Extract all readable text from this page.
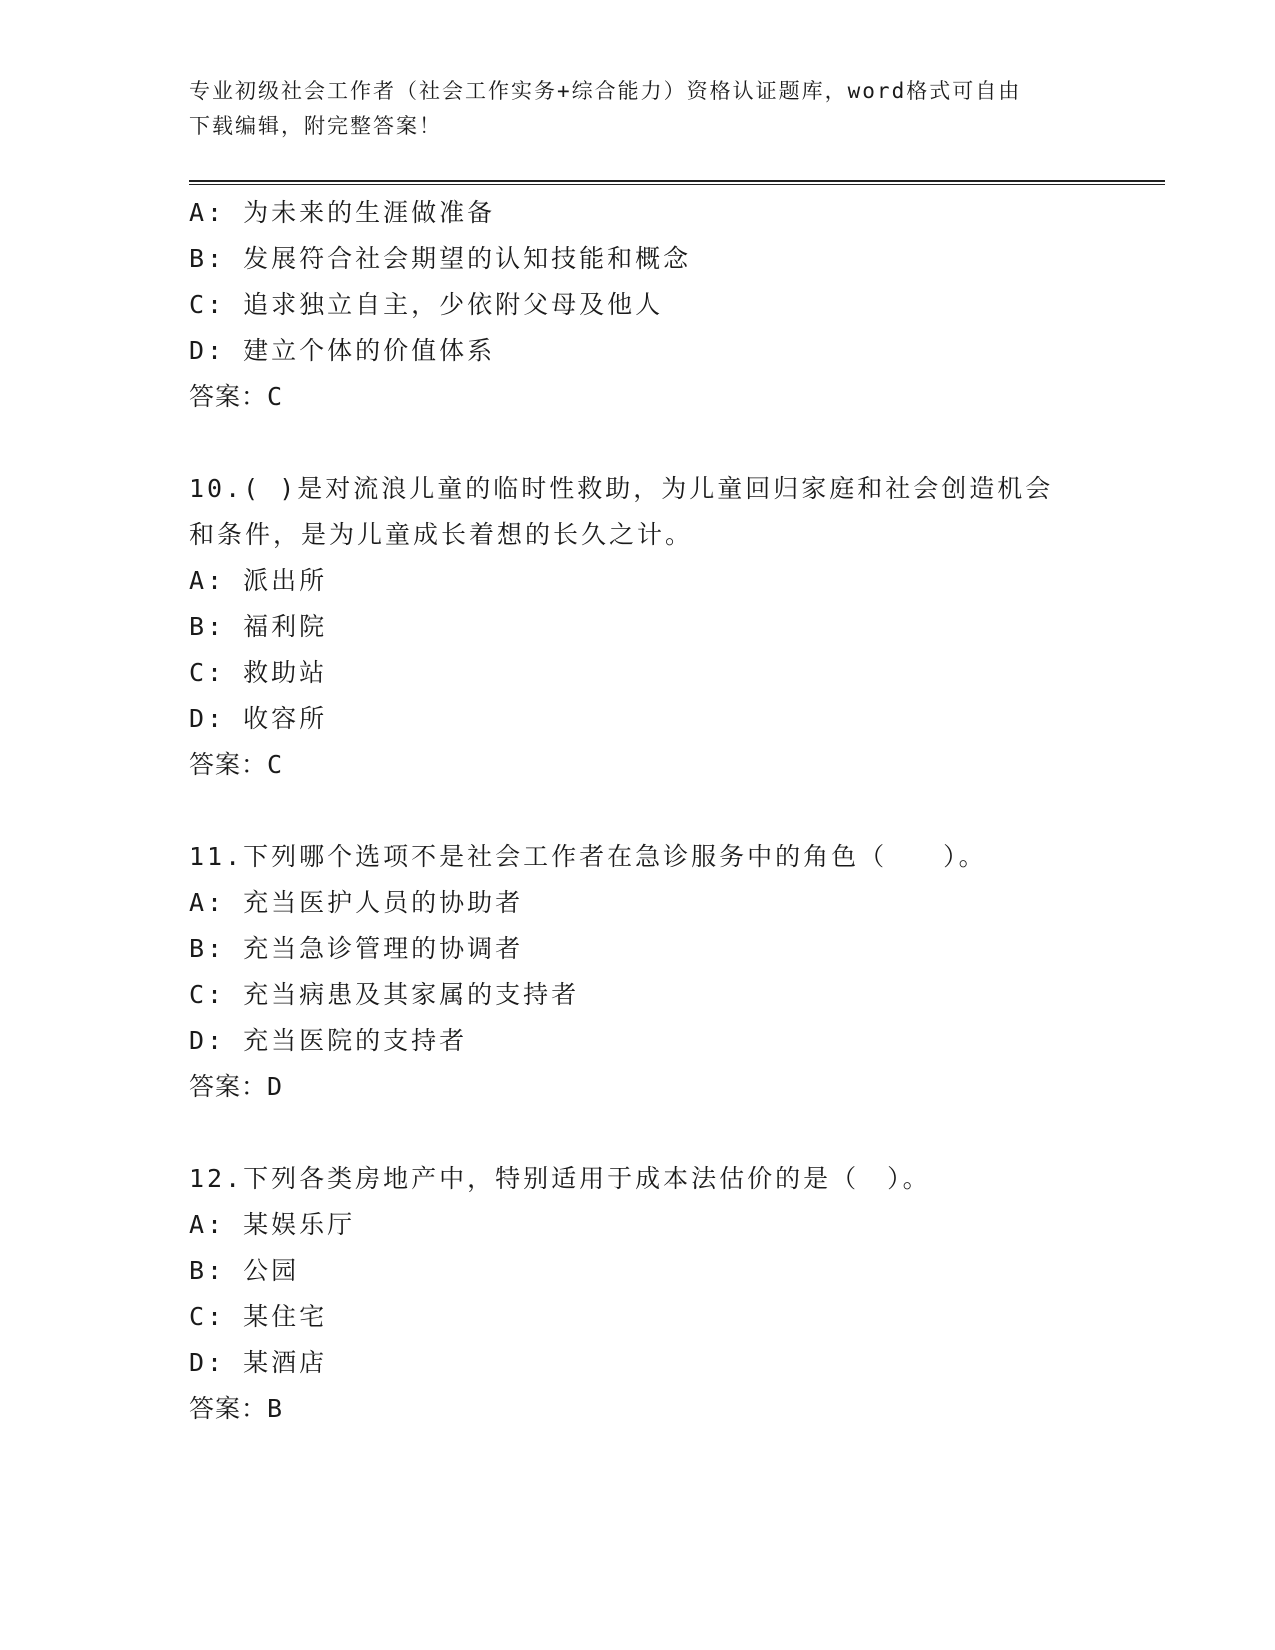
专业初级社会工作者（社会工作实务+综合能力）资格认证题库，word格式可自由
下载编辑，附完整答案！
A: 为未来的生涯做准备
B: 发展符合社会期望的认知技能和概念
C: 追求独立自主，少依附父母及他人
D: 建立个体的价值体系
答案：C
10.( )是对流浪儿童的临时性救助，为儿童回归家庭和社会创造机会
和条件，是为儿童成长着想的长久之计。
A: 派出所
B: 福利院
C: 救助站
D: 收容所
答案：C
11.下列哪个选项不是社会工作者在急诊服务中的角色（　　）。
A: 充当医护人员的协助者
B: 充当急诊管理的协调者
C: 充当病患及其家属的支持者
D: 充当医院的支持者
答案：D
12.下列各类房地产中，特别适用于成本法估价的是（　）。
A: 某娱乐厅
B: 公园
C: 某住宅
D: 某酒店
答案：B
